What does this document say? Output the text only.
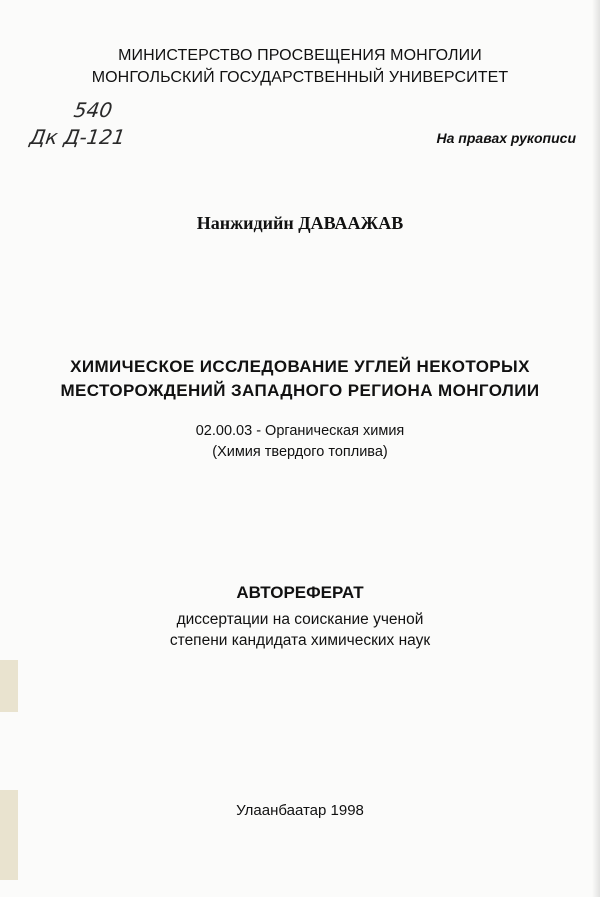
МИНИСТЕРСТВО ПРОСВЕЩЕНИЯ МОНГОЛИИ
МОНГОЛЬСКИЙ ГОСУДАРСТВЕННЫЙ УНИВЕРСИТЕТ
540
Дк Д-121	На правах рукописи
Нанжидийн ДАВААЖАВ
ХИМИЧЕСКОЕ ИССЛЕДОВАНИЕ УГЛЕЙ НЕКОТОРЫХ
МЕСТОРОЖДЕНИЙ ЗАПАДНОГО РЕГИОНА МОНГОЛИИ
02.00.03 - Органическая химия
(Химия твердого топлива)
АВТОРЕФЕРАТ
диссертации на соискание ученой
степени кандидата химических наук
Улаанбаатар 1998
